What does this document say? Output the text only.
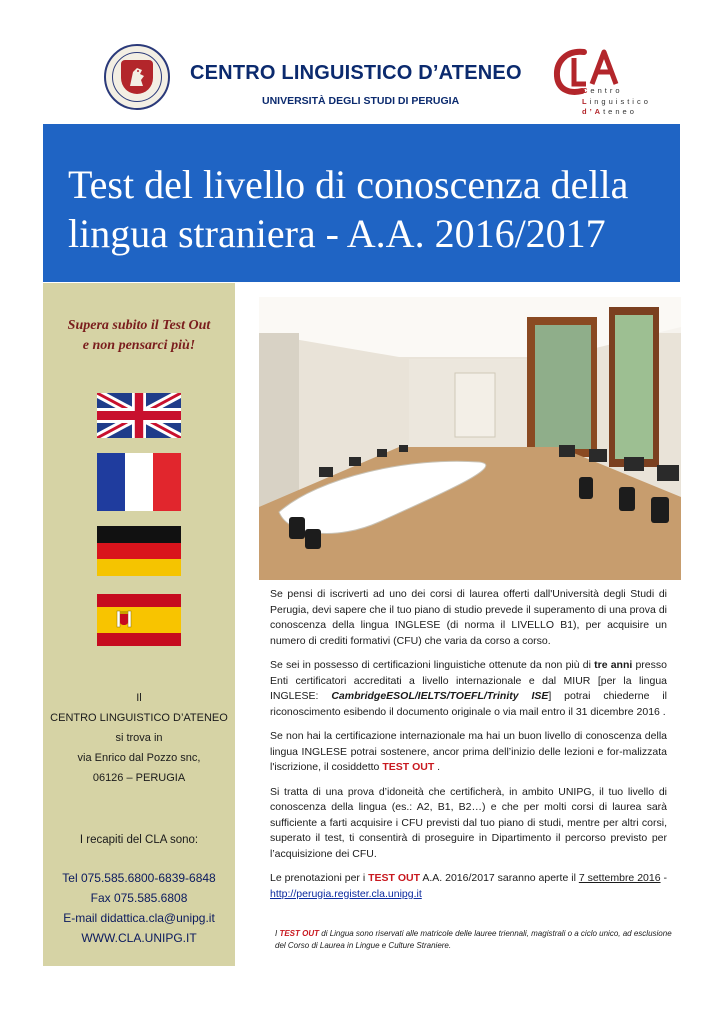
CENTRO LINGUISTICO D’ATENEO
UNIVERSITÀ DEGLI STUDI DI PERUGIA
Centro
Linguistico
d’Ateneo
Test del livello di conoscenza della
lingua straniera - A.A. 2016/2017
Supera subito il Test Out
e non pensarci più!
Il
CENTRO LINGUISTICO D’ATENEO
si trova in
via Enrico dal Pozzo snc,
06126 – PERUGIA
I recapiti del CLA sono:
Tel 075.585.6800-6839-6848
Fax 075.585.6808
E-mail didattica.cla@unipg.it
WWW.CLA.UNIPG.IT

Se pensi di iscriverti ad uno dei corsi di laurea offerti dall'Università degli Studi di Perugia, devi sapere che il tuo piano di studio prevede il superamento di una prova di conoscenza della lingua INGLESE (di norma il LIVELLO B1), per acquisire un numero di crediti formativi (CFU) che varia da corso a corso.

Se sei in possesso di certificazioni linguistiche ottenute da non più di tre anni presso Enti certificatori accreditati a livello internazionale e dal MIUR [per la lingua INGLESE: CambridgeESOL/IELTS/TOEFL/Trinity ISE] potrai chiederne il riconoscimento esibendo il documento originale o via mail entro il 31 dicembre 2016 .

Se non hai la certificazione internazionale ma hai un buon livello di conoscenza della lingua INGLESE potrai sostenere, ancor prima dell’inizio delle lezioni e for-malizzata l'iscrizione, il cosiddetto TEST OUT .

Si tratta di una prova d’idoneità che certificherà, in ambito UNIPG, il tuo livello di conoscenza della lingua (es.: A2, B1, B2…) e che per molti corsi di laurea sarà sufficiente a farti acquisire i CFU previsti dal tuo piano di studi, mentre per altri corsi, superato il test, ti consentirà di proseguire in Dipartimento il percorso previsto per l’acquisizione dei CFU.

Le prenotazioni per i TEST OUT A.A. 2016/2017 saranno aperte il 7 settembre 2016 - http://perugia.register.cla.unipg.it

I TEST OUT di Lingua sono riservati alle matricole delle lauree triennali, magistrali o a ciclo unico, ad esclusione del Corso di Laurea in Lingue e Culture Straniere.
